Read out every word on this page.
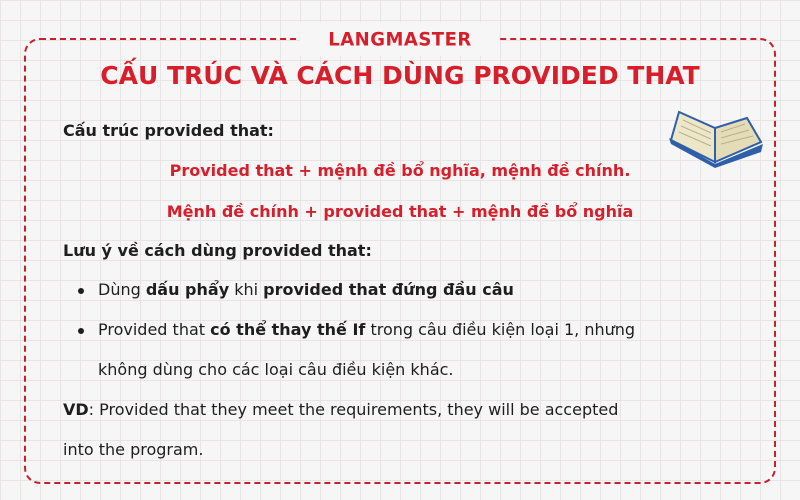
LANGMASTER
CẤU TRÚC VÀ CÁCH DÙNG PROVIDED THAT
Cấu trúc provided that:
Provided that + mệnh đề bổ nghĩa, mệnh đề chính.
Mệnh đề chính + provided that + mệnh đề bổ nghĩa
Lưu ý về cách dùng provided that:
Dùng dấu phẩy khi provided that đứng đầu câu
Provided that có thể thay thế If trong câu điều kiện loại 1, nhưng
không dùng cho các loại câu điều kiện khác.
VD: Provided that they meet the requirements, they will be accepted
into the program.
